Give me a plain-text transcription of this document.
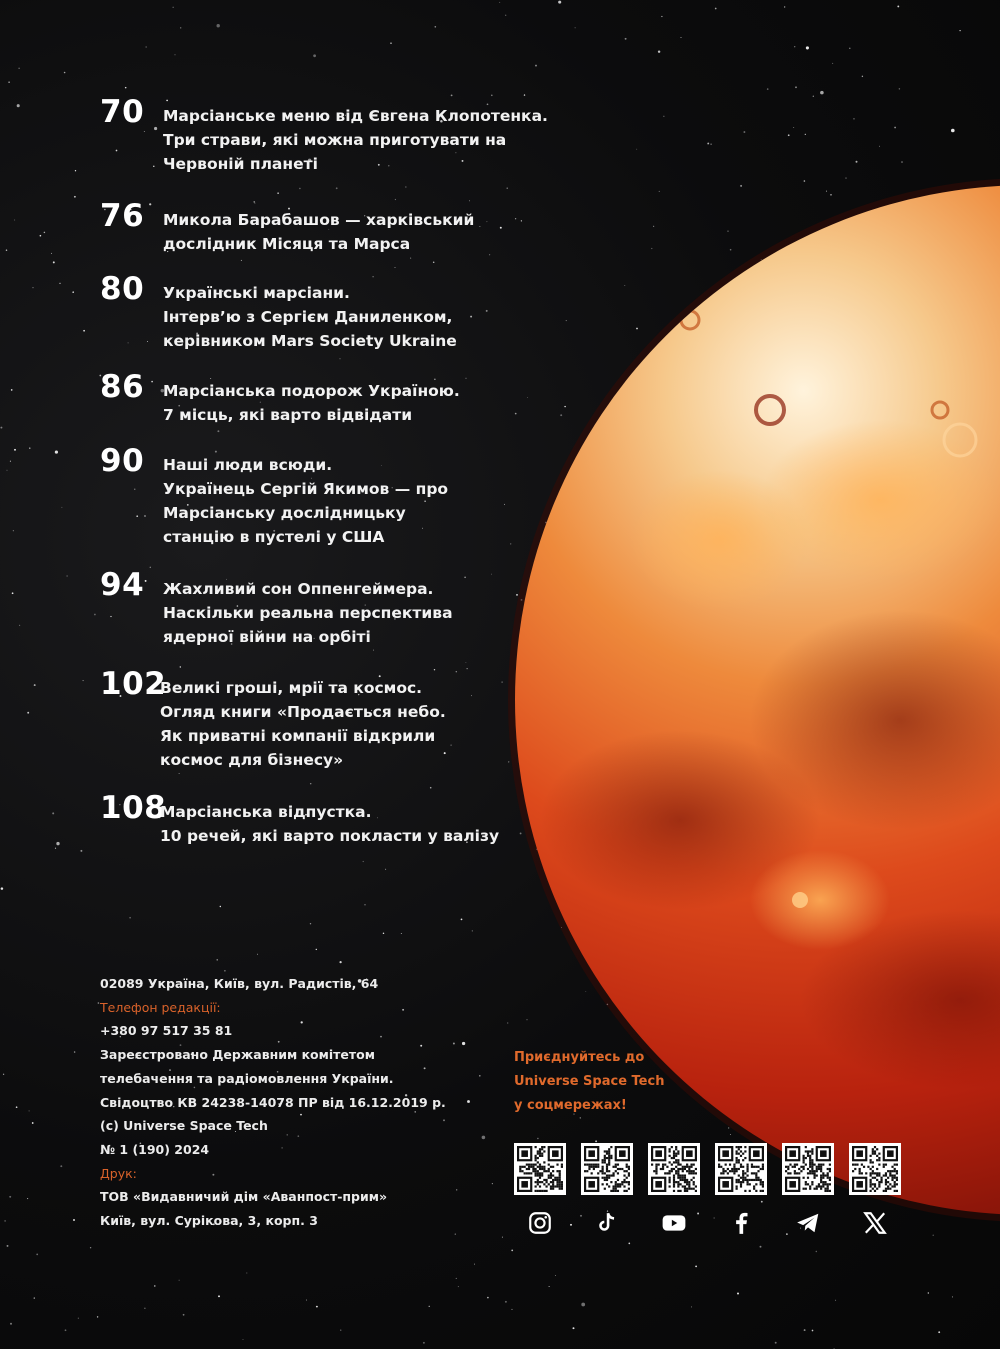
70 Марсіанське меню від Євгена Клопотенка.
Три страви, які можна приготувати на
Червоній планеті
76 Микола Барабашов — харківський
дослідник Місяця та Марса
80 Українські марсіани.
Інтерв’ю з Сергієм Даниленком,
керівником Mars Society Ukraine
86 Марсіанська подорож Україною.
7 місць, які варто відвідати
90 Наші люди всюди.
Українець Сергій Якимов — про
Марсіанську дослідницьку
станцію в пустелі у США
94 Жахливий сон Оппенгеймера.
Наскільки реальна перспектива
ядерної війни на орбіті
102
Великі гроші, мрії та космос.
Огляд книги «Продається небо.
Як приватні компанії відкрили
космос для бізнесу»
108
Марсіанська відпустка.
10 речей, які варто покласти у валізу
02089 Україна, Київ, вул. Радистів, 64
Телефон редакції:
+380 97 517 35 81
Зареєстровано Державним комітетом
телебачення та радіомовлення України.
Свідоцтво КВ 24238-14078 ПР від 16.12.2019 р.
(c) Universe Space Tech
№ 1 (190) 2024
Друк:
ТОВ «Видавничий дім «Аванпост-прим»
Київ, вул. Сурікова, 3, корп. 3
Приєднуйтесь до
Universe Space Tech
у соцмережах!
